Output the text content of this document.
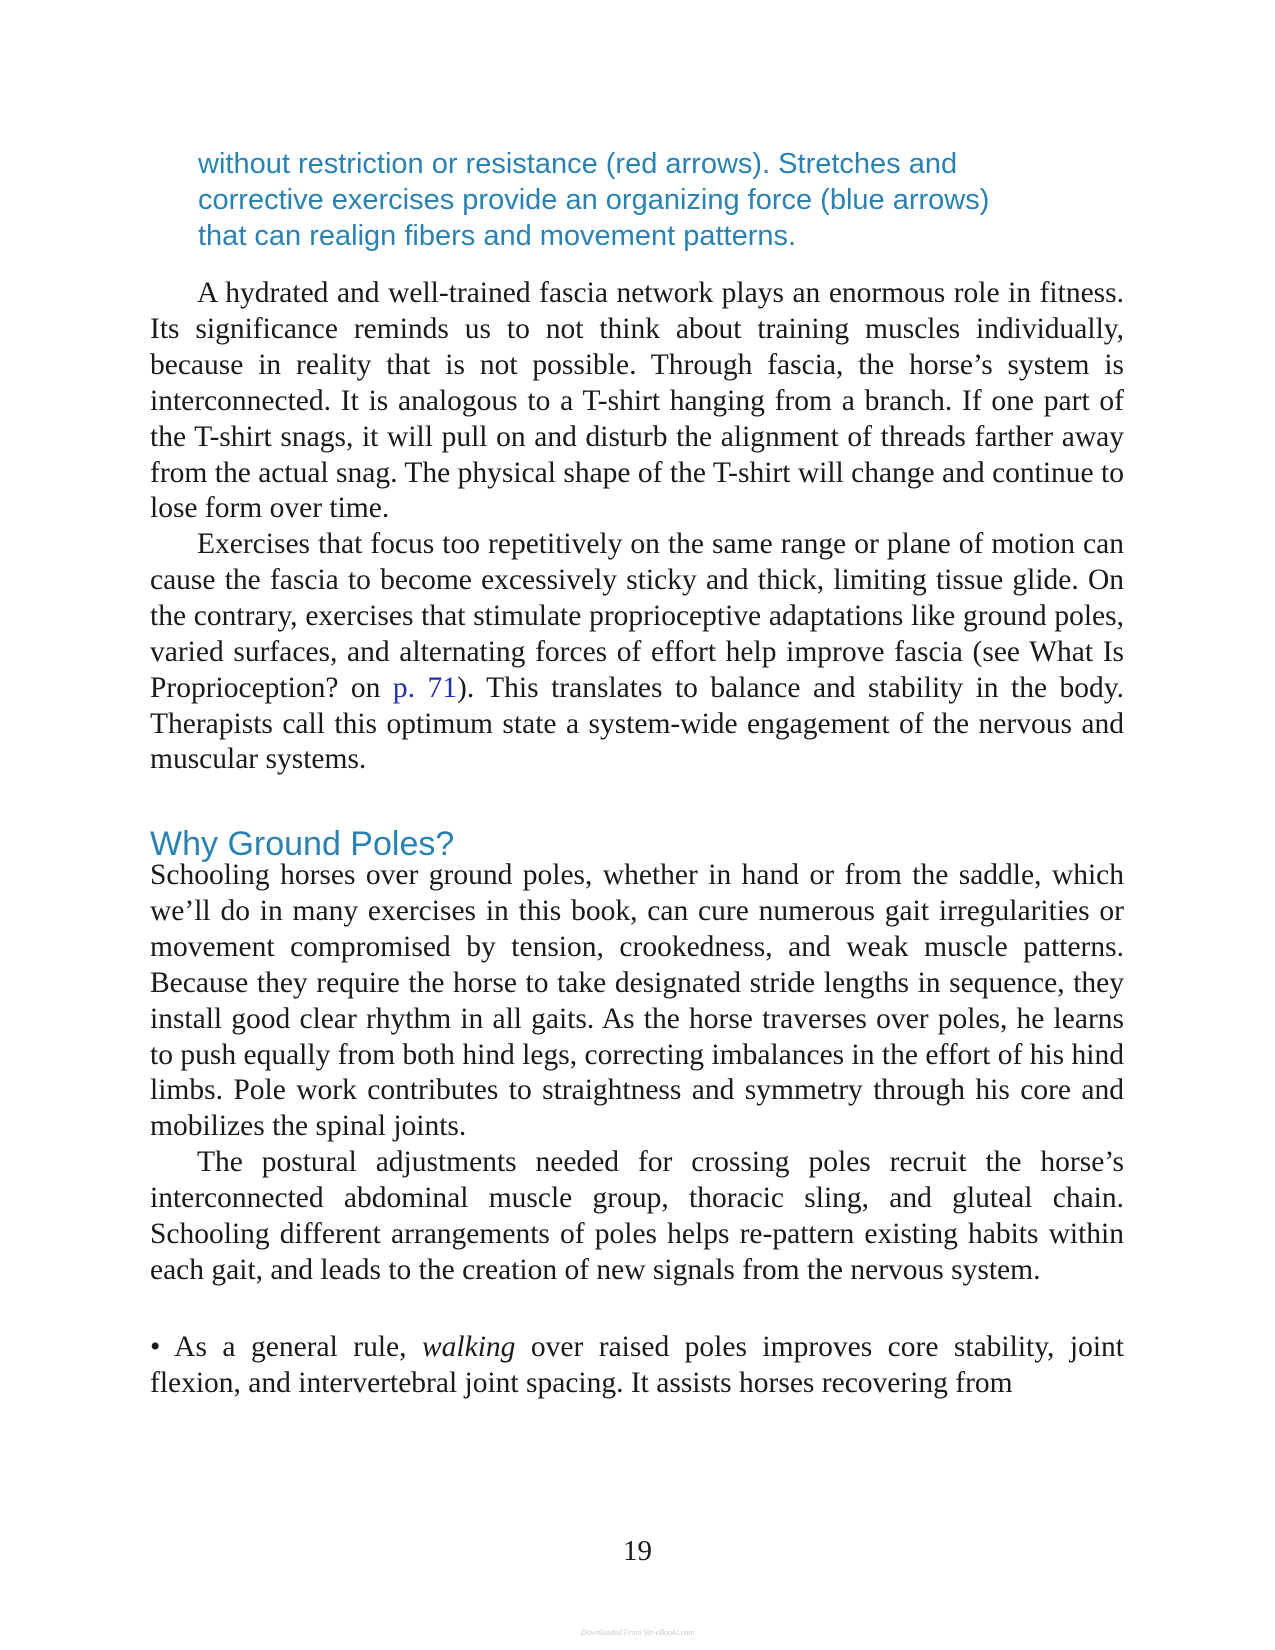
without restriction or resistance (red arrows). Stretches and
corrective exercises provide an organizing force (blue arrows)
that can realign fibers and movement patterns.

A hydrated and well-trained fascia network plays an enormous role in fitness. Its significance reminds us to not think about training muscles individually, because in reality that is not possible. Through fascia, the horse’s system is interconnected. It is analogous to a T-shirt hanging from a branch. If one part of the T-shirt snags, it will pull on and disturb the alignment of threads farther away from the actual snag. The physical shape of the T-shirt will change and continue to lose form over time.

Exercises that focus too repetitively on the same range or plane of motion can cause the fascia to become excessively sticky and thick, limiting tissue glide. On the contrary, exercises that stimulate proprioceptive adaptations like ground poles, varied surfaces, and alternating forces of effort help improve fascia (see What Is Proprioception? on p. 71). This translates to balance and stability in the body. Therapists call this optimum state a system-wide engagement of the nervous and muscular systems.

Why Ground Poles?

Schooling horses over ground poles, whether in hand or from the saddle, which we’ll do in many exercises in this book, can cure numerous gait irregularities or movement compromised by tension, crookedness, and weak muscle patterns. Because they require the horse to take designated stride lengths in sequence, they install good clear rhythm in all gaits. As the horse traverses over poles, he learns to push equally from both hind legs, correcting imbalances in the effort of his hind limbs. Pole work contributes to straightness and symmetry through his core and mobilizes the spinal joints.

The postural adjustments needed for crossing poles recruit the horse’s interconnected abdominal muscle group, thoracic sling, and gluteal chain. Schooling different arrangements of poles helps re-pattern existing habits within each gait, and leads to the creation of new signals from the nervous system.

• As a general rule, walking over raised poles improves core stability, joint flexion, and intervertebral joint spacing. It assists horses recovering from

19
Downloaded From Vet-eBooks.com
